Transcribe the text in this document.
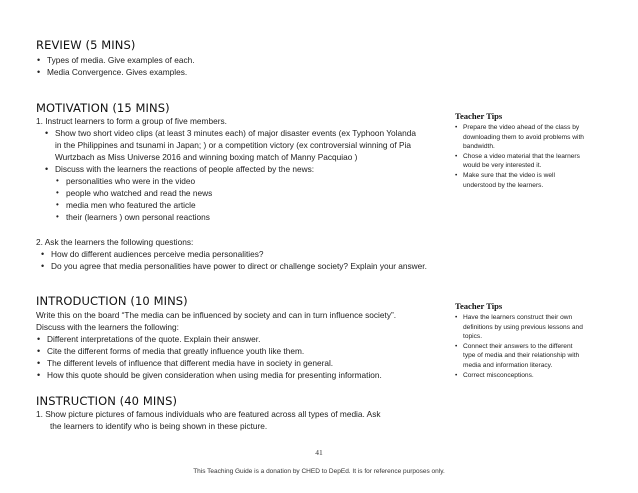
REVIEW (5 MINS)
• Types of media. Give examples of each.
• Media Convergence. Gives examples.
MOTIVATION (15 MINS)
1. Instruct learners to form a group of five members.
• Show two short video clips (at least 3 minutes each) of major disaster events (ex Typhoon Yolanda
in the Philippines and tsunami in Japan; ) or a competition victory (ex controversial winning of Pia
Wurtzbach as Miss Universe 2016 and winning boxing match of Manny Pacquiao )
• Discuss with the learners the reactions of people affected by the news:
• personalities who were in the video
• people who watched and read the news
• media men who featured the article
• their (learners ) own personal reactions
2. Ask the learners the following questions:
• How do different audiences perceive media personalities?
• Do you agree that media personalities have power to direct or challenge society? Explain your answer.
Teacher Tips
• Prepare the video ahead of the class by
downloading them to avoid problems with
bandwidth.
• Chose a video material that the learners
would be very interested it.
• Make sure that the video is well
understood by the learners.
INTRODUCTION (10 MINS)
Write this on the board “The media can be influenced by society and can in turn influence society”.
Discuss with the learners the following:
• Different interpretations of the quote. Explain their answer.
• Cite the different forms of media that greatly influence youth like them.
• The different levels of influence that different media have in society in general.
• How this quote should be given consideration when using media for presenting information.
Teacher Tips
• Have the learners construct their own
definitions by using previous lessons and
topics.
• Connect their answers to the different
type of media and their relationship with
media and information literacy.
• Correct misconceptions.
INSTRUCTION (40 MINS)
1. Show picture pictures of famous individuals who are featured across all types of media. Ask
the learners to identify who is being shown in these picture.
41
This Teaching Guide is a donation by CHED to DepEd. It is for reference purposes only.
